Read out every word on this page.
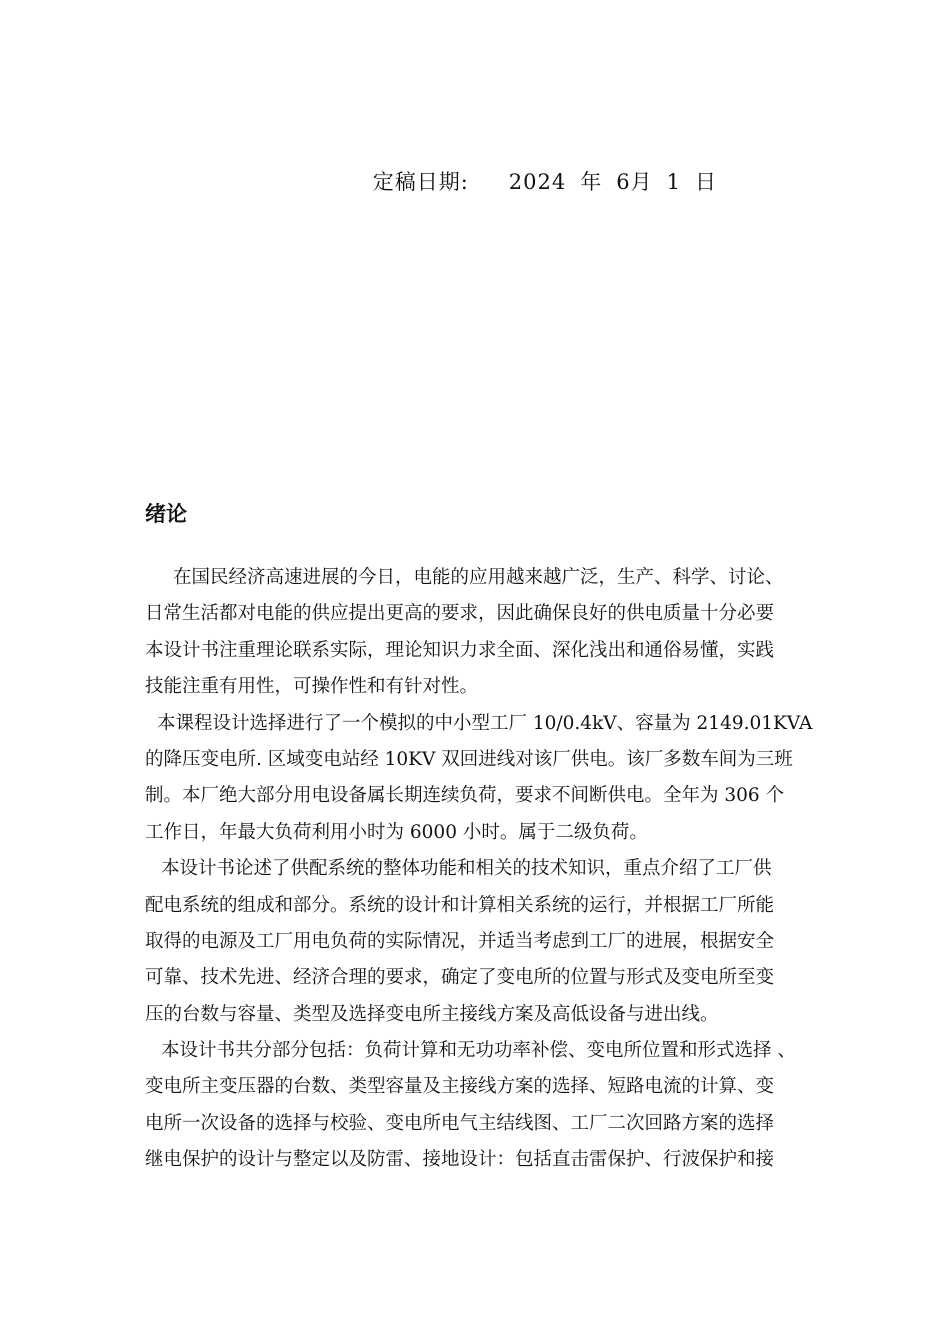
定稿日期: 2024 年 6月 1 日

绪论
在国民经济高速进展的今日，电能的应用越来越广泛，生产、科学、讨论、
日常生活都对电能的供应提出更高的要求，因此确保良好的供电质量十分必要
本设计书注重理论联系实际，理论知识力求全面、深化浅出和通俗易懂，实践
技能注重有用性，可操作性和有针对性。
本课程设计选择进行了一个模拟的中小型工厂 10/0.4kV、容量为 2149.01KVA
的降压变电所. 区域变电站经 10KV 双回进线对该厂供电。该厂多数车间为三班
制。本厂绝大部分用电设备属长期连续负荷，要求不间断供电。全年为 306 个
工作日，年最大负荷利用小时为 6000 小时。属于二级负荷。
本设计书论述了供配系统的整体功能和相关的技术知识，重点介绍了工厂供
配电系统的组成和部分。系统的设计和计算相关系统的运行，并根据工厂所能
取得的电源及工厂用电负荷的实际情况，并适当考虑到工厂的进展，根据安全
可靠、技术先进、经济合理的要求，确定了变电所的位置与形式及变电所至变
压的台数与容量、类型及选择变电所主接线方案及高低设备与进出线。
本设计书共分部分包括：负荷计算和无功功率补偿、变电所位置和形式选择 、
变电所主变压器的台数、类型容量及主接线方案的选择、短路电流的计算、变
电所一次设备的选择与校验、变电所电气主结线图、工厂二次回路方案的选择
继电保护的设计与整定以及防雷、接地设计：包括直击雷保护、行波保护和接
